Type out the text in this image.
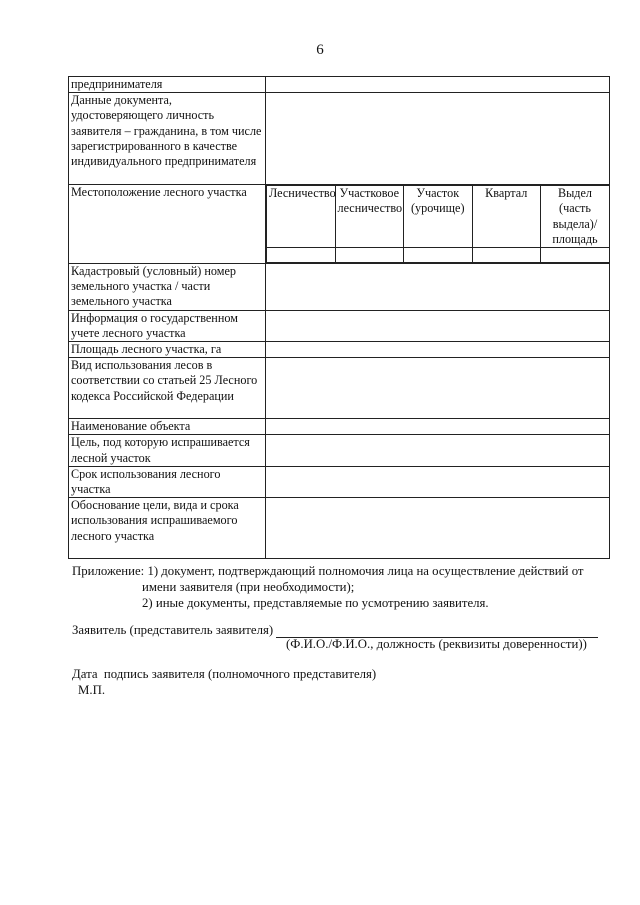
6
предпринимателя	
Данные документа, удостоверяющего личность заявителя – гражданина, в том числе зарегистрированного в качестве индивидуального предпринимателя	
Местоположение лесного участка	Лесничество	Участковое лесничество	Участок (урочище)	Квартал	Выдел (часть выдела)/ площадь

Кадастровый (условный) номер земельного участка / части земельного участка	
Информация о государственном учете лесного участка	
Площадь лесного участка, га	
Вид использования лесов в соответствии со статьей 25 Лесного кодекса Российской Федерации	
Наименование объекта	
Цель, под которую испрашивается лесной участок	
Срок использования лесного участка	
Обоснование цели, вида и срока использования испрашиваемого лесного участка	
Приложение: 1) документ, подтверждающий полномочия лица на осуществление действий от
имени заявителя (при необходимости);
2) иные документы, представляемые по усмотрению заявителя.
Заявитель (представитель заявителя)
(Ф.И.О./Ф.И.О., должность (реквизиты доверенности))
Дата подпись заявителя (полномочного представителя)
М.П.
